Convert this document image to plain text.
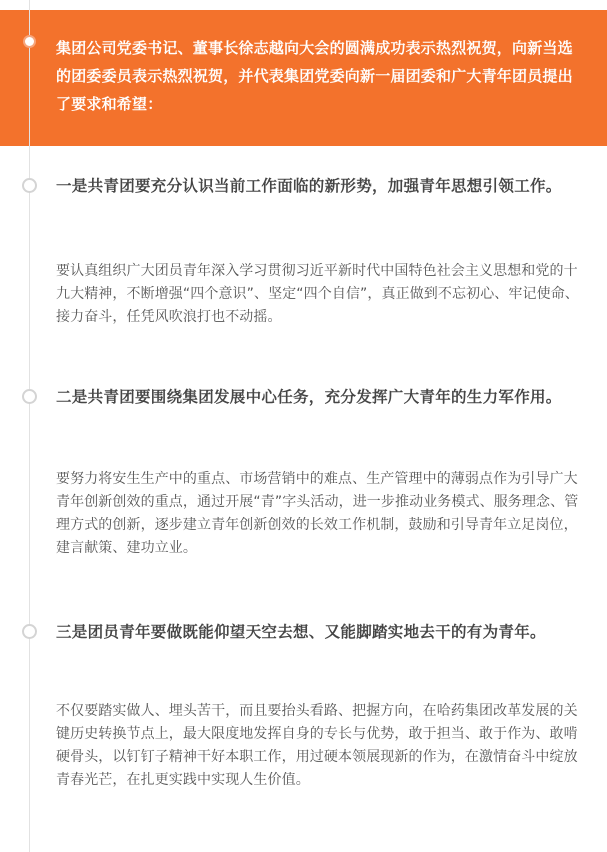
集团公司党委书记、董事长徐志越向大会的圆满成功表示热烈祝贺，向新当选的团委委员表示热烈祝贺，并代表集团党委向新一届团委和广大青年团员提出了要求和希望：

一是共青团要充分认识当前工作面临的新形势，加强青年思想引领工作。

要认真组织广大团员青年深入学习贯彻习近平新时代中国特色社会主义思想和党的十九大精神，不断增强“四个意识”、坚定“四个自信”，真正做到不忘初心、牢记使命、接力奋斗，任凭风吹浪打也不动摇。

二是共青团要围绕集团发展中心任务，充分发挥广大青年的生力军作用。

要努力将安生生产中的重点、市场营销中的难点、生产管理中的薄弱点作为引导广大青年创新创效的重点，通过开展“青”字头活动，进一步推动业务模式、服务理念、管理方式的创新，逐步建立青年创新创效的长效工作机制，鼓励和引导青年立足岗位，建言献策、建功立业。

三是团员青年要做既能仰望天空去想、又能脚踏实地去干的有为青年。

不仅要踏实做人、埋头苦干，而且要抬头看路、把握方向，在哈药集团改革发展的关键历史转换节点上，最大限度地发挥自身的专长与优势，敢于担当、敢于作为、敢啃硬骨头，以钉钉子精神干好本职工作，用过硬本领展现新的作为，在激情奋斗中绽放青春光芒，在扎更实践中实现人生价值。
